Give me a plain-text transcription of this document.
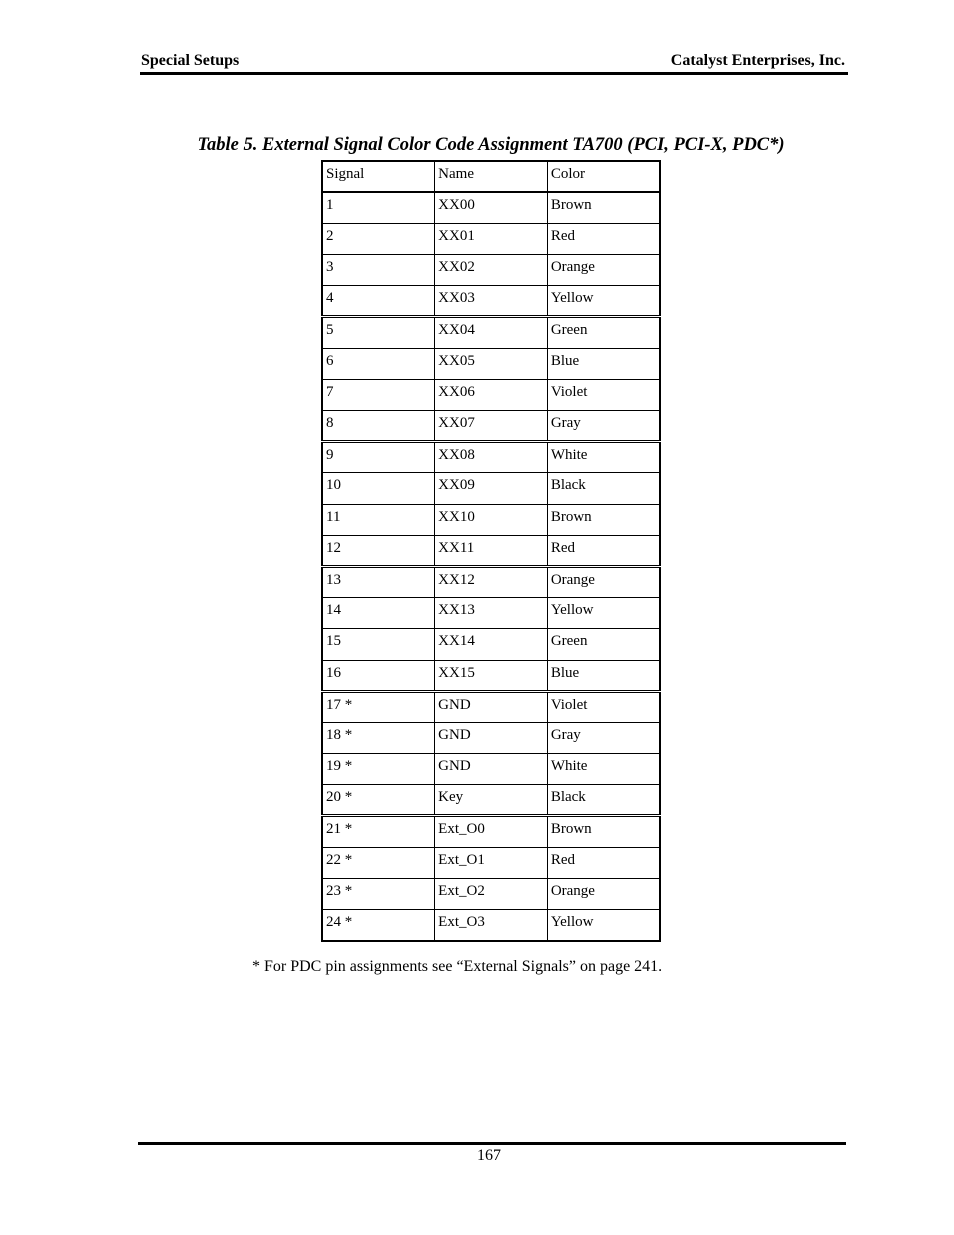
Special Setups	Catalyst Enterprises, Inc.
Table 5. External Signal Color Code Assignment TA700 (PCI, PCI-X, PDC*)
Signal	Name	Color
1	XX00	Brown
2	XX01	Red
3	XX02	Orange
4	XX03	Yellow
5	XX04	Green
6	XX05	Blue
7	XX06	Violet
8	XX07	Gray
9	XX08	White
10	XX09	Black
11	XX10	Brown
12	XX11	Red
13	XX12	Orange
14	XX13	Yellow
15	XX14	Green
16	XX15	Blue
17 *	GND	Violet
18 *	GND	Gray
19 *	GND	White
20 *	Key	Black
21 *	Ext_O0	Brown
22 *	Ext_O1	Red
23 *	Ext_O2	Orange
24 *	Ext_O3	Yellow
* For PDC pin assignments see “External Signals” on page 241.
167
